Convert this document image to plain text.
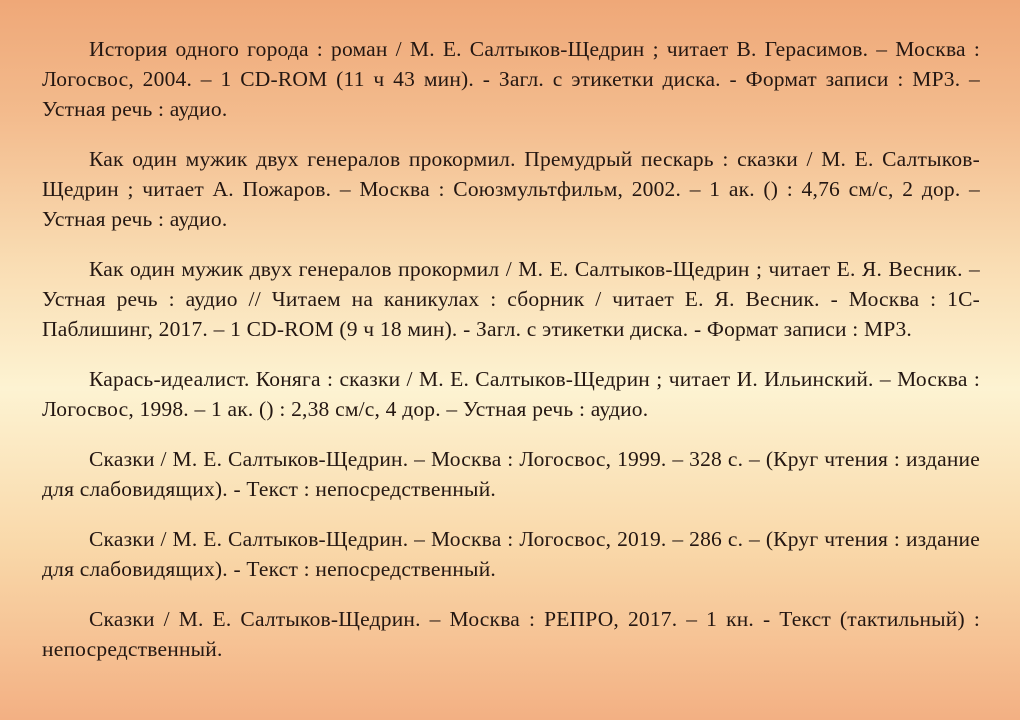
История одного города : роман / М. Е. Салтыков-Щедрин ; читает В. Герасимов. – Москва : Логосвос, 2004. – 1 CD-ROM (11 ч 43 мин). - Загл. с этикетки диска. - Формат записи : MP3. – Устная речь : аудио.

Как один мужик двух генералов прокормил. Премудрый пескарь : сказки / М. Е. Салтыков-Щедрин ; читает А. Пожаров. – Москва : Союзмультфильм, 2002. – 1 ак. () : 4,76 см/с, 2 дор. – Устная речь : аудио.

Как один мужик двух генералов прокормил / М. Е. Салтыков-Щедрин ; читает Е. Я. Весник. – Устная речь : аудио // Читаем на каникулах : сборник / читает Е. Я. Весник. - Москва : 1С-Паблишинг, 2017. – 1 CD-ROM (9 ч 18 мин). - Загл. с этикетки диска. - Формат записи : MP3.

Карась-идеалист. Коняга : сказки / М. Е. Салтыков-Щедрин ; читает И. Ильинский. – Москва : Логосвос, 1998. – 1 ак. () : 2,38 см/с, 4 дор. – Устная речь : аудио.

Сказки / М. Е. Салтыков-Щедрин. – Москва : Логосвос, 1999. – 328 с. – (Круг чтения : издание для слабовидящих). - Текст : непосредственный.

Сказки / М. Е. Салтыков-Щедрин. – Москва : Логосвос, 2019. – 286 с. – (Круг чтения : издание для слабовидящих). - Текст : непосредственный.

Сказки / М. Е. Салтыков-Щедрин. – Москва : РЕПРО, 2017. – 1 кн. - Текст (тактильный) : непосредственный.
